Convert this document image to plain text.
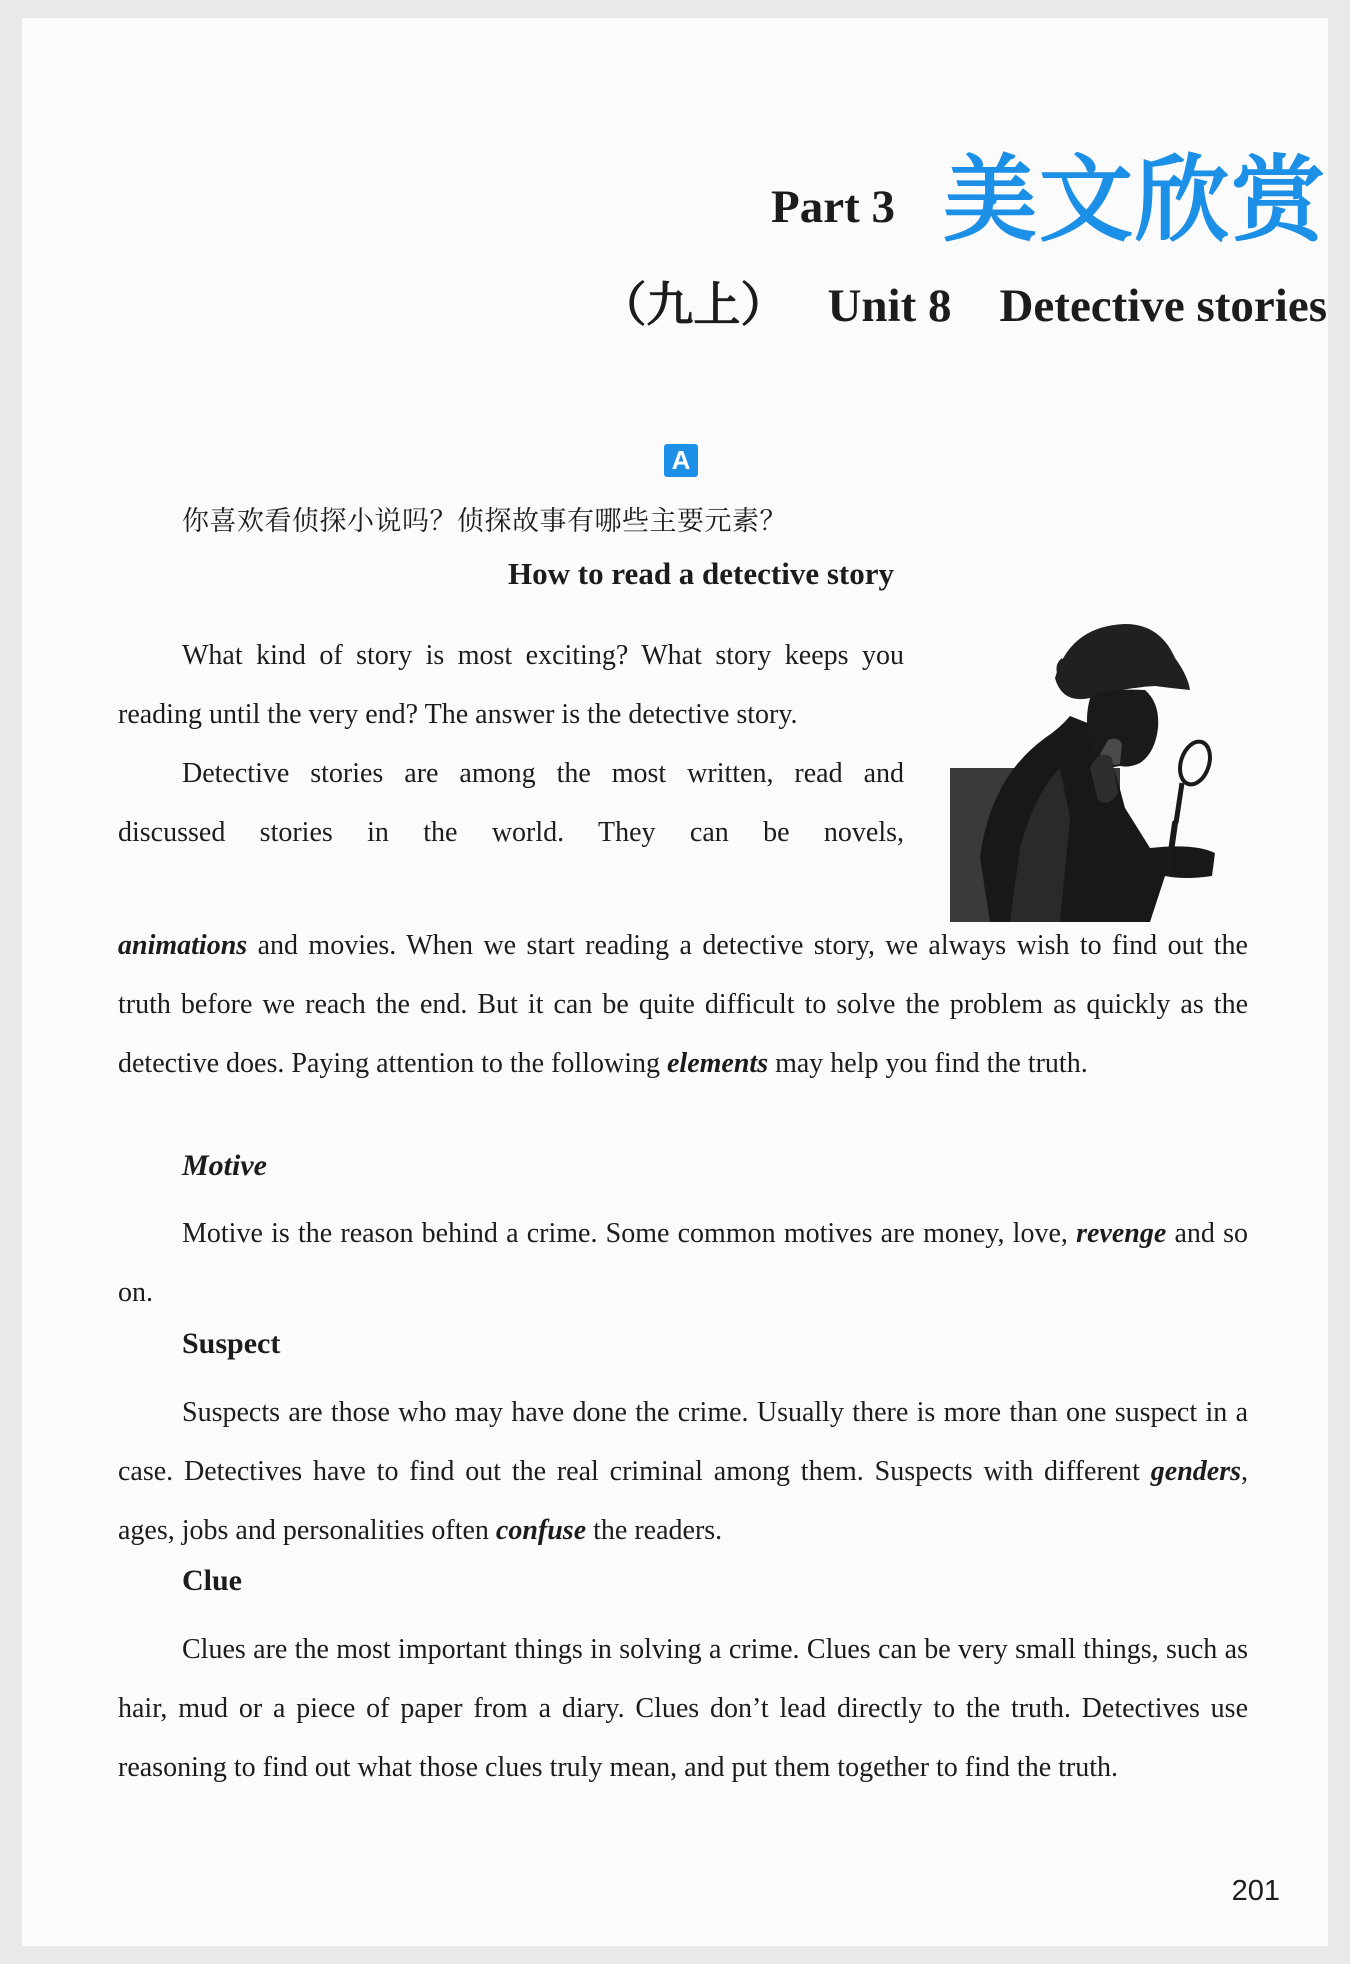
Part 3 美文欣赏
（九上） Unit 8 Detective stories
A
你喜欢看侦探小说吗？侦探故事有哪些主要元素？
How to read a detective story
What kind of story is most exciting? What story keeps you reading until the very end? The answer is the detective story.
Detective stories are among the most written, read and discussed stories in the world. They can be novels,
animations and movies. When we start reading a detective story, we always wish to find out the truth before we reach the end. But it can be quite difficult to solve the problem as quickly as the detective does. Paying attention to the following elements may help you find the truth.
Motive
Motive is the reason behind a crime. Some common motives are money, love, revenge and so on.
Suspect
Suspects are those who may have done the crime. Usually there is more than one suspect in a case. Detectives have to find out the real criminal among them. Suspects with different genders, ages, jobs and personalities often confuse the readers.
Clue
Clues are the most important things in solving a crime. Clues can be very small things, such as hair, mud or a piece of paper from a diary. Clues don’t lead directly to the truth. Detectives use reasoning to find out what those clues truly mean, and put them together to find the truth.
201
